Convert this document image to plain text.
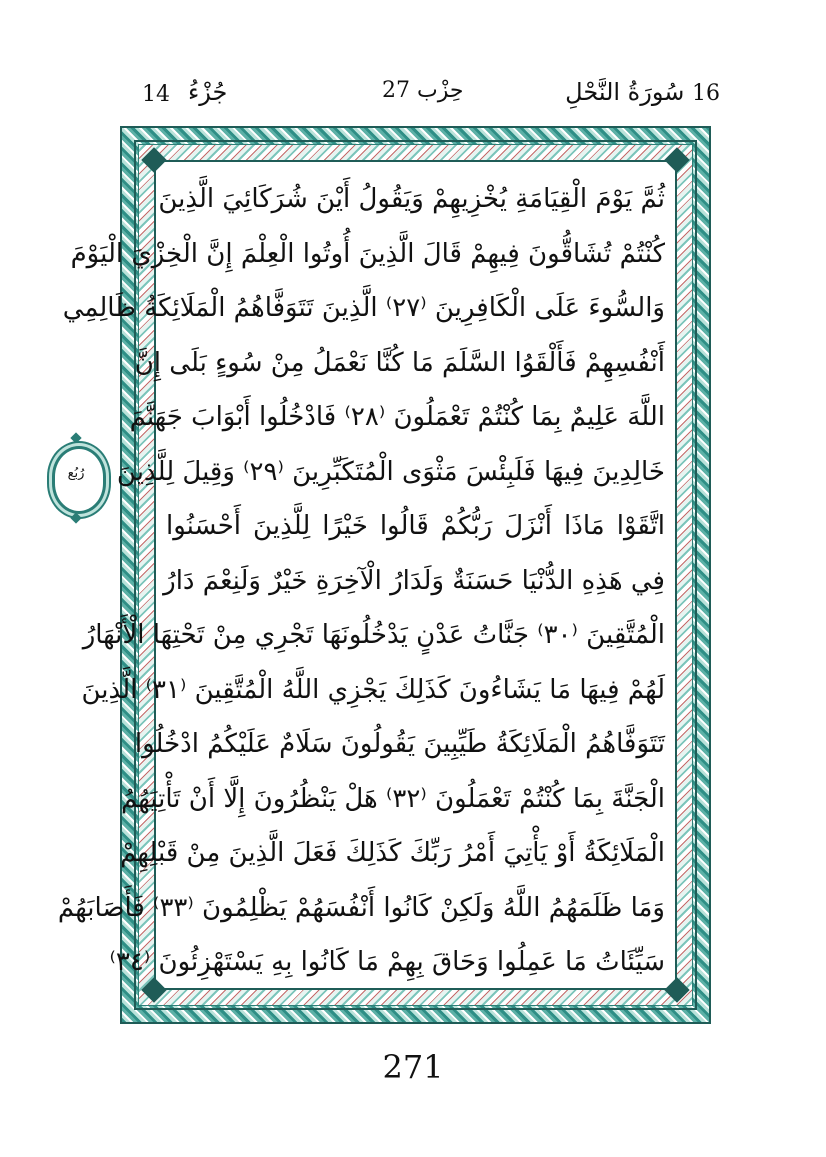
14 جُزْءُ	حِزْب 27	16 سُورَةُ النَّحْلِ
ثُمَّ يَوْمَ الْقِيَامَةِ يُخْزِيهِمْ وَيَقُولُ أَيْنَ شُرَكَائِيَ الَّذِينَ
كُنْتُمْ تُشَاقُّونَ فِيهِمْ قَالَ الَّذِينَ أُوتُوا الْعِلْمَ إِنَّ الْخِزْيَ الْيَوْمَ
وَالسُّوءَ عَلَى الْكَافِرِينَ ⁽٢٧⁾ الَّذِينَ تَتَوَفَّاهُمُ الْمَلَائِكَةُ ظَالِمِي
أَنْفُسِهِمْ فَأَلْقَوُا السَّلَمَ مَا كُنَّا نَعْمَلُ مِنْ سُوءٍ بَلَى إِنَّ
اللَّهَ عَلِيمٌ بِمَا كُنْتُمْ تَعْمَلُونَ ⁽٢٨⁾ فَادْخُلُوا أَبْوَابَ جَهَنَّمَ
خَالِدِينَ فِيهَا فَلَبِئْسَ مَثْوَى الْمُتَكَبِّرِينَ ⁽٢٩⁾ وَقِيلَ لِلَّذِينَ
اتَّقَوْا مَاذَا أَنْزَلَ رَبُّكُمْ قَالُوا خَيْرًا لِلَّذِينَ أَحْسَنُوا
فِي هَذِهِ الدُّنْيَا حَسَنَةٌ وَلَدَارُ الْآخِرَةِ خَيْرٌ وَلَنِعْمَ دَارُ
الْمُتَّقِينَ ⁽٣٠⁾ جَنَّاتُ عَدْنٍ يَدْخُلُونَهَا تَجْرِي مِنْ تَحْتِهَا الْأَنْهَارُ
لَهُمْ فِيهَا مَا يَشَاءُونَ كَذَلِكَ يَجْزِي اللَّهُ الْمُتَّقِينَ ⁽٣١⁾ الَّذِينَ
تَتَوَفَّاهُمُ الْمَلَائِكَةُ طَيِّبِينَ يَقُولُونَ سَلَامٌ عَلَيْكُمُ ادْخُلُوا
الْجَنَّةَ بِمَا كُنْتُمْ تَعْمَلُونَ ⁽٣٢⁾ هَلْ يَنْظُرُونَ إِلَّا أَنْ تَأْتِيَهُمُ
الْمَلَائِكَةُ أَوْ يَأْتِيَ أَمْرُ رَبِّكَ كَذَلِكَ فَعَلَ الَّذِينَ مِنْ قَبْلِهِمْ
وَمَا ظَلَمَهُمُ اللَّهُ وَلَكِنْ كَانُوا أَنْفُسَهُمْ يَظْلِمُونَ ⁽٣٣⁾ فَأَصَابَهُمْ
سَيِّئَاتُ مَا عَمِلُوا وَحَاقَ بِهِمْ مَا كَانُوا بِهِ يَسْتَهْزِئُونَ ⁽٣٤⁾
رُبُع
271
